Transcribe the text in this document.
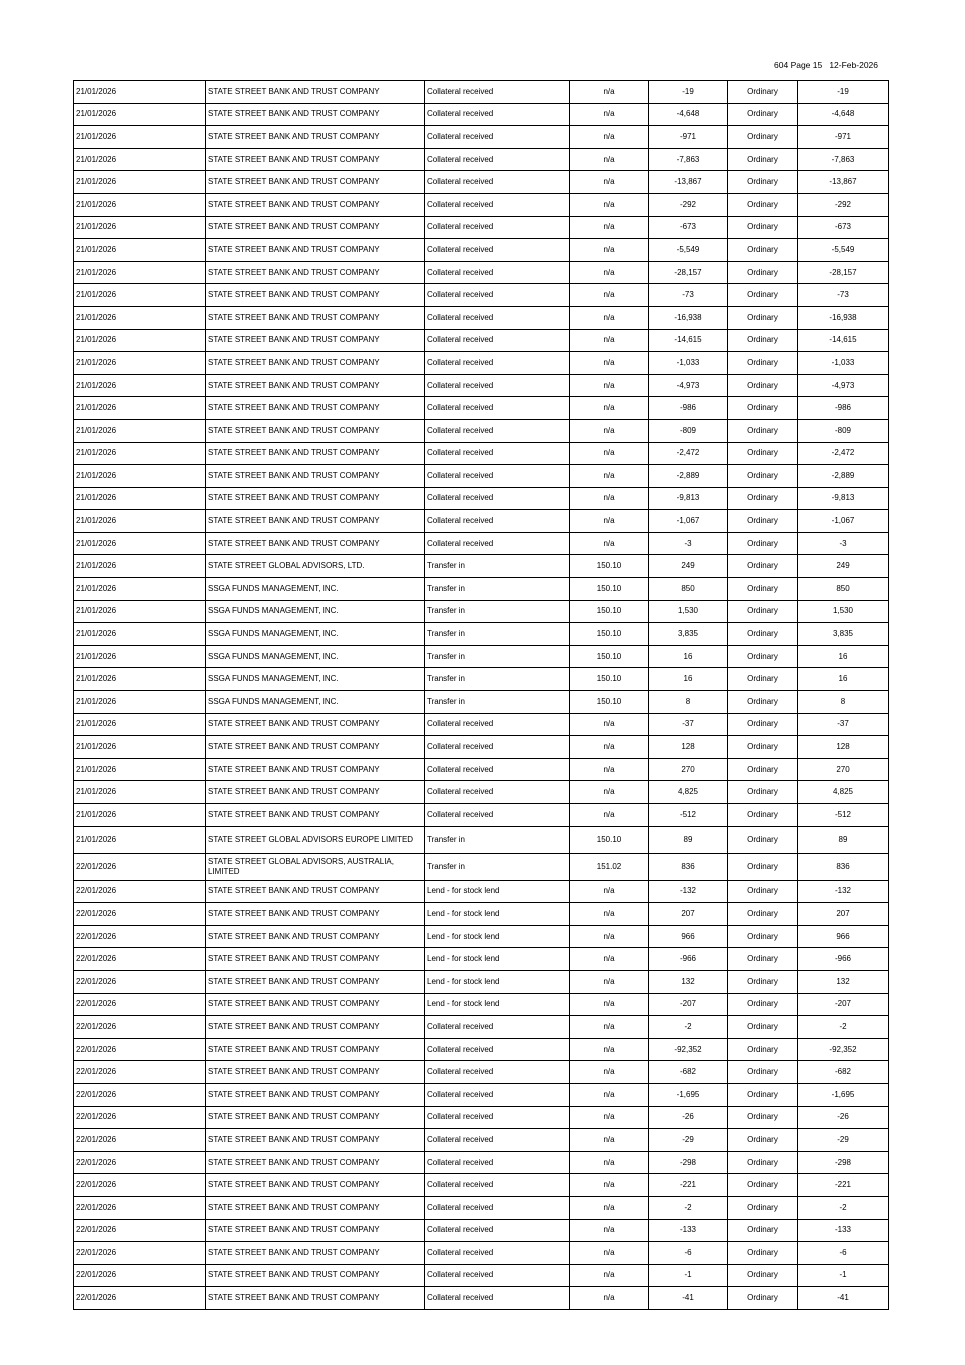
604 Page 15 12-Feb-2026
21/01/2026	STATE STREET BANK AND TRUST COMPANY	Collateral received	n/a	-19	Ordinary	-19
21/01/2026	STATE STREET BANK AND TRUST COMPANY	Collateral received	n/a	-4,648	Ordinary	-4,648
21/01/2026	STATE STREET BANK AND TRUST COMPANY	Collateral received	n/a	-971	Ordinary	-971
21/01/2026	STATE STREET BANK AND TRUST COMPANY	Collateral received	n/a	-7,863	Ordinary	-7,863
21/01/2026	STATE STREET BANK AND TRUST COMPANY	Collateral received	n/a	-13,867	Ordinary	-13,867
21/01/2026	STATE STREET BANK AND TRUST COMPANY	Collateral received	n/a	-292	Ordinary	-292
21/01/2026	STATE STREET BANK AND TRUST COMPANY	Collateral received	n/a	-673	Ordinary	-673
21/01/2026	STATE STREET BANK AND TRUST COMPANY	Collateral received	n/a	-5,549	Ordinary	-5,549
21/01/2026	STATE STREET BANK AND TRUST COMPANY	Collateral received	n/a	-28,157	Ordinary	-28,157
21/01/2026	STATE STREET BANK AND TRUST COMPANY	Collateral received	n/a	-73	Ordinary	-73
21/01/2026	STATE STREET BANK AND TRUST COMPANY	Collateral received	n/a	-16,938	Ordinary	-16,938
21/01/2026	STATE STREET BANK AND TRUST COMPANY	Collateral received	n/a	-14,615	Ordinary	-14,615
21/01/2026	STATE STREET BANK AND TRUST COMPANY	Collateral received	n/a	-1,033	Ordinary	-1,033
21/01/2026	STATE STREET BANK AND TRUST COMPANY	Collateral received	n/a	-4,973	Ordinary	-4,973
21/01/2026	STATE STREET BANK AND TRUST COMPANY	Collateral received	n/a	-986	Ordinary	-986
21/01/2026	STATE STREET BANK AND TRUST COMPANY	Collateral received	n/a	-809	Ordinary	-809
21/01/2026	STATE STREET BANK AND TRUST COMPANY	Collateral received	n/a	-2,472	Ordinary	-2,472
21/01/2026	STATE STREET BANK AND TRUST COMPANY	Collateral received	n/a	-2,889	Ordinary	-2,889
21/01/2026	STATE STREET BANK AND TRUST COMPANY	Collateral received	n/a	-9,813	Ordinary	-9,813
21/01/2026	STATE STREET BANK AND TRUST COMPANY	Collateral received	n/a	-1,067	Ordinary	-1,067
21/01/2026	STATE STREET BANK AND TRUST COMPANY	Collateral received	n/a	-3	Ordinary	-3
21/01/2026	STATE STREET GLOBAL ADVISORS, LTD.	Transfer in	150.10	249	Ordinary	249
21/01/2026	SSGA FUNDS MANAGEMENT, INC.	Transfer in	150.10	850	Ordinary	850
21/01/2026	SSGA FUNDS MANAGEMENT, INC.	Transfer in	150.10	1,530	Ordinary	1,530
21/01/2026	SSGA FUNDS MANAGEMENT, INC.	Transfer in	150.10	3,835	Ordinary	3,835
21/01/2026	SSGA FUNDS MANAGEMENT, INC.	Transfer in	150.10	16	Ordinary	16
21/01/2026	SSGA FUNDS MANAGEMENT, INC.	Transfer in	150.10	16	Ordinary	16
21/01/2026	SSGA FUNDS MANAGEMENT, INC.	Transfer in	150.10	8	Ordinary	8
21/01/2026	STATE STREET BANK AND TRUST COMPANY	Collateral received	n/a	-37	Ordinary	-37
21/01/2026	STATE STREET BANK AND TRUST COMPANY	Collateral received	n/a	128	Ordinary	128
21/01/2026	STATE STREET BANK AND TRUST COMPANY	Collateral received	n/a	270	Ordinary	270
21/01/2026	STATE STREET BANK AND TRUST COMPANY	Collateral received	n/a	4,825	Ordinary	4,825
21/01/2026	STATE STREET BANK AND TRUST COMPANY	Collateral received	n/a	-512	Ordinary	-512
21/01/2026	STATE STREET GLOBAL ADVISORS EUROPE LIMITED	Transfer in	150.10	89	Ordinary	89
22/01/2026	STATE STREET GLOBAL ADVISORS, AUSTRALIA, LIMITED	Transfer in	151.02	836	Ordinary	836
22/01/2026	STATE STREET BANK AND TRUST COMPANY	Lend - for stock lend	n/a	-132	Ordinary	-132
22/01/2026	STATE STREET BANK AND TRUST COMPANY	Lend - for stock lend	n/a	207	Ordinary	207
22/01/2026	STATE STREET BANK AND TRUST COMPANY	Lend - for stock lend	n/a	966	Ordinary	966
22/01/2026	STATE STREET BANK AND TRUST COMPANY	Lend - for stock lend	n/a	-966	Ordinary	-966
22/01/2026	STATE STREET BANK AND TRUST COMPANY	Lend - for stock lend	n/a	132	Ordinary	132
22/01/2026	STATE STREET BANK AND TRUST COMPANY	Lend - for stock lend	n/a	-207	Ordinary	-207
22/01/2026	STATE STREET BANK AND TRUST COMPANY	Collateral received	n/a	-2	Ordinary	-2
22/01/2026	STATE STREET BANK AND TRUST COMPANY	Collateral received	n/a	-92,352	Ordinary	-92,352
22/01/2026	STATE STREET BANK AND TRUST COMPANY	Collateral received	n/a	-682	Ordinary	-682
22/01/2026	STATE STREET BANK AND TRUST COMPANY	Collateral received	n/a	-1,695	Ordinary	-1,695
22/01/2026	STATE STREET BANK AND TRUST COMPANY	Collateral received	n/a	-26	Ordinary	-26
22/01/2026	STATE STREET BANK AND TRUST COMPANY	Collateral received	n/a	-29	Ordinary	-29
22/01/2026	STATE STREET BANK AND TRUST COMPANY	Collateral received	n/a	-298	Ordinary	-298
22/01/2026	STATE STREET BANK AND TRUST COMPANY	Collateral received	n/a	-221	Ordinary	-221
22/01/2026	STATE STREET BANK AND TRUST COMPANY	Collateral received	n/a	-2	Ordinary	-2
22/01/2026	STATE STREET BANK AND TRUST COMPANY	Collateral received	n/a	-133	Ordinary	-133
22/01/2026	STATE STREET BANK AND TRUST COMPANY	Collateral received	n/a	-6	Ordinary	-6
22/01/2026	STATE STREET BANK AND TRUST COMPANY	Collateral received	n/a	-1	Ordinary	-1
22/01/2026	STATE STREET BANK AND TRUST COMPANY	Collateral received	n/a	-41	Ordinary	-41
